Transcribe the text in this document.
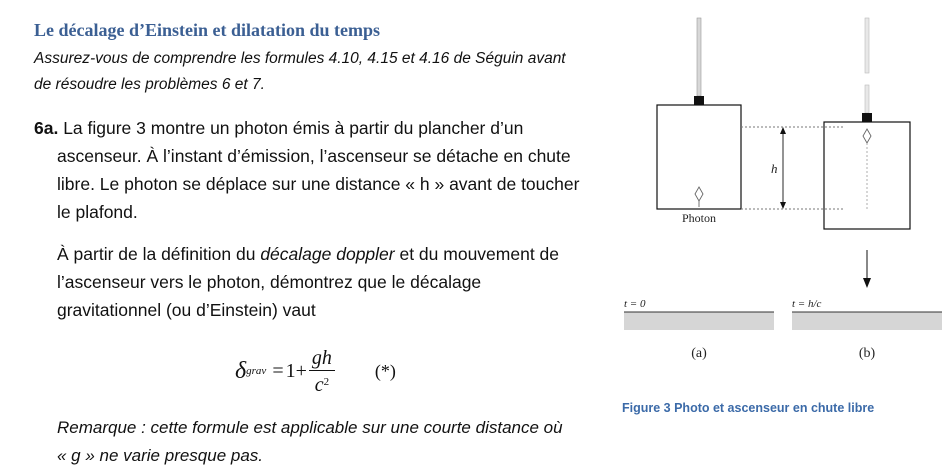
Le décalage d’Einstein et dilatation du temps
Assurez-vous de comprendre les formules 4.10, 4.15 et 4.16 de Séguin avant
de résoudre les problèmes 6 et 7.
6a. La figure 3 montre un photon émis à partir du plancher d’un
ascenseur. À l’instant d’émission, l’ascenseur se détache en chute
libre. Le photon se déplace sur une distance « h » avant de toucher
le plafond.
À partir de la définition du décalage doppler et du mouvement de
l’ascenseur vers le photon, démontrez que le décalage
gravitationnel (ou d’Einstein) vaut
δ grav = $1+ \frac{gh}{c^2}$ (*)
Remarque : cette formule est applicable sur une courte distance où
« g » ne varie presque pas.
Photon
h
t = 0	t = h/c
(a)	(b)
Figure 3 Photo et ascenseur en chute libre
